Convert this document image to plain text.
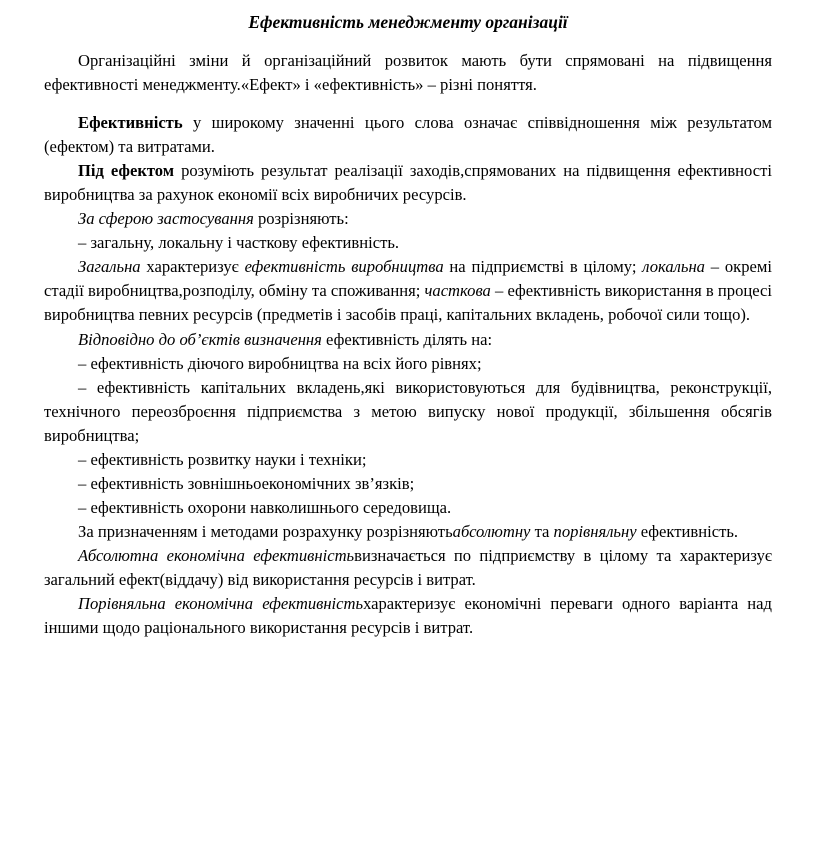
Ефективність менеджменту організації

Організаційні зміни й організаційний розвиток мають бути спрямовані на підвищення ефективності менеджменту.«Ефект» і «ефективність» – різні поняття.

Ефективність у широкому значенні цього слова означає співвідношення між результатом (ефектом) та витратами.

Під ефектом розуміють результат реалізації заходів,спрямованих на підвищення ефективності виробництва за рахунок економії всіх виробничих ресурсів.

За сферою застосування розрізняють:

– загальну, локальну і часткову ефективність.

Загальна характеризує ефективність виробництва на підприємстві в цілому; локальна – окремі стадії виробництва,розподілу, обміну та споживання; часткова – ефективність використання в процесі виробництва певних ресурсів (предметів і засобів праці, капітальних вкладень, робочої сили тощо).

Відповідно до об’єктів визначення ефективність ділять на:

– ефективність діючого виробництва на всіх його рівнях;

– ефективність капітальних вкладень,які використовуються для будівництва, реконструкції, технічного переозброєння підприємства з метою випуску нової продукції, збільшення обсягів виробництва;

– ефективність розвитку науки і техніки;

– ефективність зовнішньоекономічних зв’язків;

– ефективність охорони навколишнього середовища.

За призначенням і методами розрахунку розрізняютьабсолютну та порівняльну ефективність.

Абсолютна економічна ефективністьвизначається по підприємству в цілому та характеризує загальний ефект(віддачу) від використання ресурсів і витрат.

Порівняльна економічна ефективністьхарактеризує економічні переваги одного варіанта над іншими щодо раціонального використання ресурсів і витрат.
